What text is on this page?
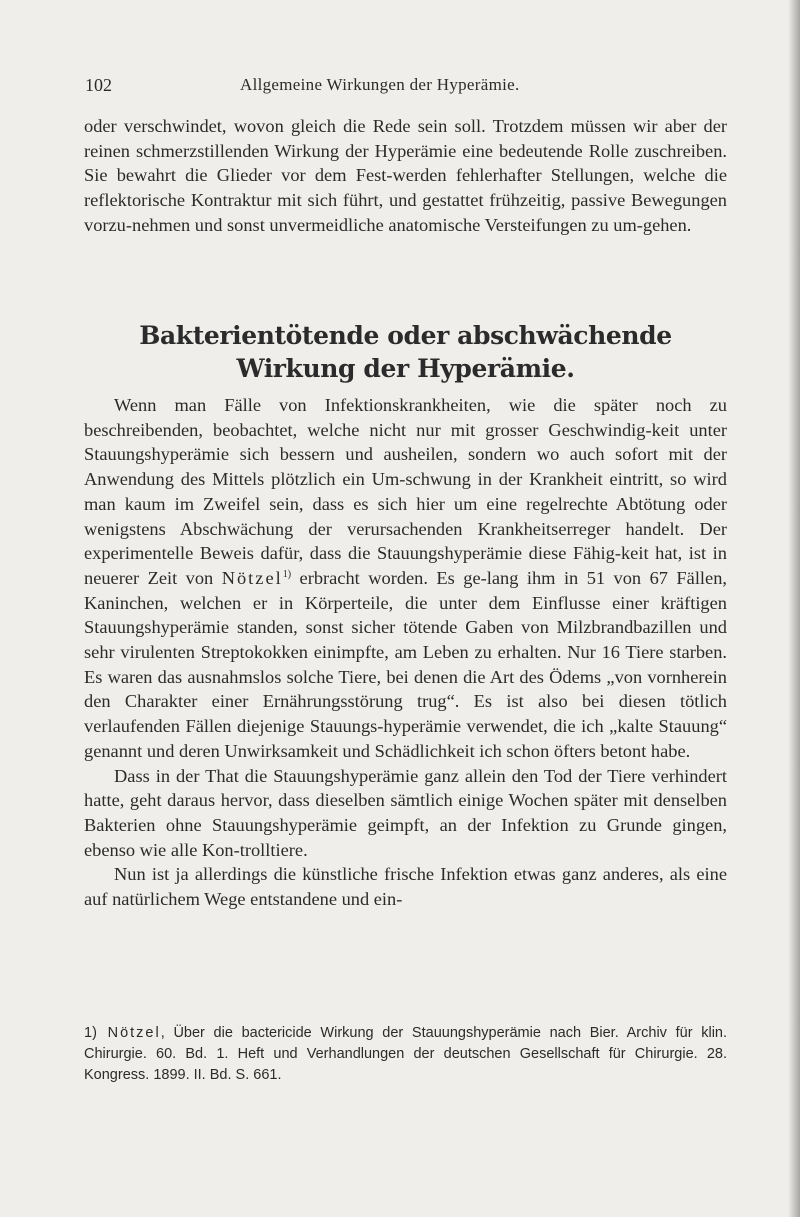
102	Allgemeine Wirkungen der Hyperämie.
oder verschwindet, wovon gleich die Rede sein soll. Trotzdem müssen wir aber der reinen schmerzstillenden Wirkung der Hyperämie eine bedeutende Rolle zuschreiben. Sie bewahrt die Glieder vor dem Fest-werden fehlerhafter Stellungen, welche die reflektorische Kontraktur mit sich führt, und gestattet frühzeitig, passive Bewegungen vorzu-nehmen und sonst unvermeidliche anatomische Versteifungen zu um-gehen.
Bakterientötende oder abschwächende Wirkung der Hyperämie.

Wenn man Fälle von Infektionskrankheiten, wie die später noch zu beschreibenden, beobachtet, welche nicht nur mit grosser Geschwindig-keit unter Stauungshyperämie sich bessern und ausheilen, sondern wo auch sofort mit der Anwendung des Mittels plötzlich ein Um-schwung in der Krankheit eintritt, so wird man kaum im Zweifel sein, dass es sich hier um eine regelrechte Abtötung oder wenigstens Abschwächung der verursachenden Krankheitserreger handelt. Der experimentelle Beweis dafür, dass die Stauungshyperämie diese Fähig-keit hat, ist in neuerer Zeit von Nötzel$^{1)}$ erbracht worden. Es ge-lang ihm in 51 von 67 Fällen, Kaninchen, welchen er in Körperteile, die unter dem Einflusse einer kräftigen Stauungshyperämie standen, sonst sicher tötende Gaben von Milzbrandbazillen und sehr virulenten Streptokokken einimpfte, am Leben zu erhalten. Nur 16 Tiere starben. Es waren das ausnahmslos solche Tiere, bei denen die Art des Ödems „von vornherein den Charakter einer Ernährungsstörung trug“. Es ist also bei diesen tötlich verlaufenden Fällen diejenige Stauungs-hyperämie verwendet, die ich „kalte Stauung“ genannt und deren Unwirksamkeit und Schädlichkeit ich schon öfters betont habe.

Dass in der That die Stauungshyperämie ganz allein den Tod der Tiere verhindert hatte, geht daraus hervor, dass dieselben sämtlich einige Wochen später mit denselben Bakterien ohne Stauungshyperämie geimpft, an der Infektion zu Grunde gingen, ebenso wie alle Kon-trolltiere.

Nun ist ja allerdings die künstliche frische Infektion etwas ganz anderes, als eine auf natürlichem Wege entstandene und ein-

1) Nötzel, Über die bactericide Wirkung der Stauungshyperämie nach Bier. Archiv für klin. Chirurgie. 60. Bd. 1. Heft und Verhandlungen der deutschen Gesellschaft für Chirurgie. 28. Kongress. 1899. II. Bd. S. 661.
